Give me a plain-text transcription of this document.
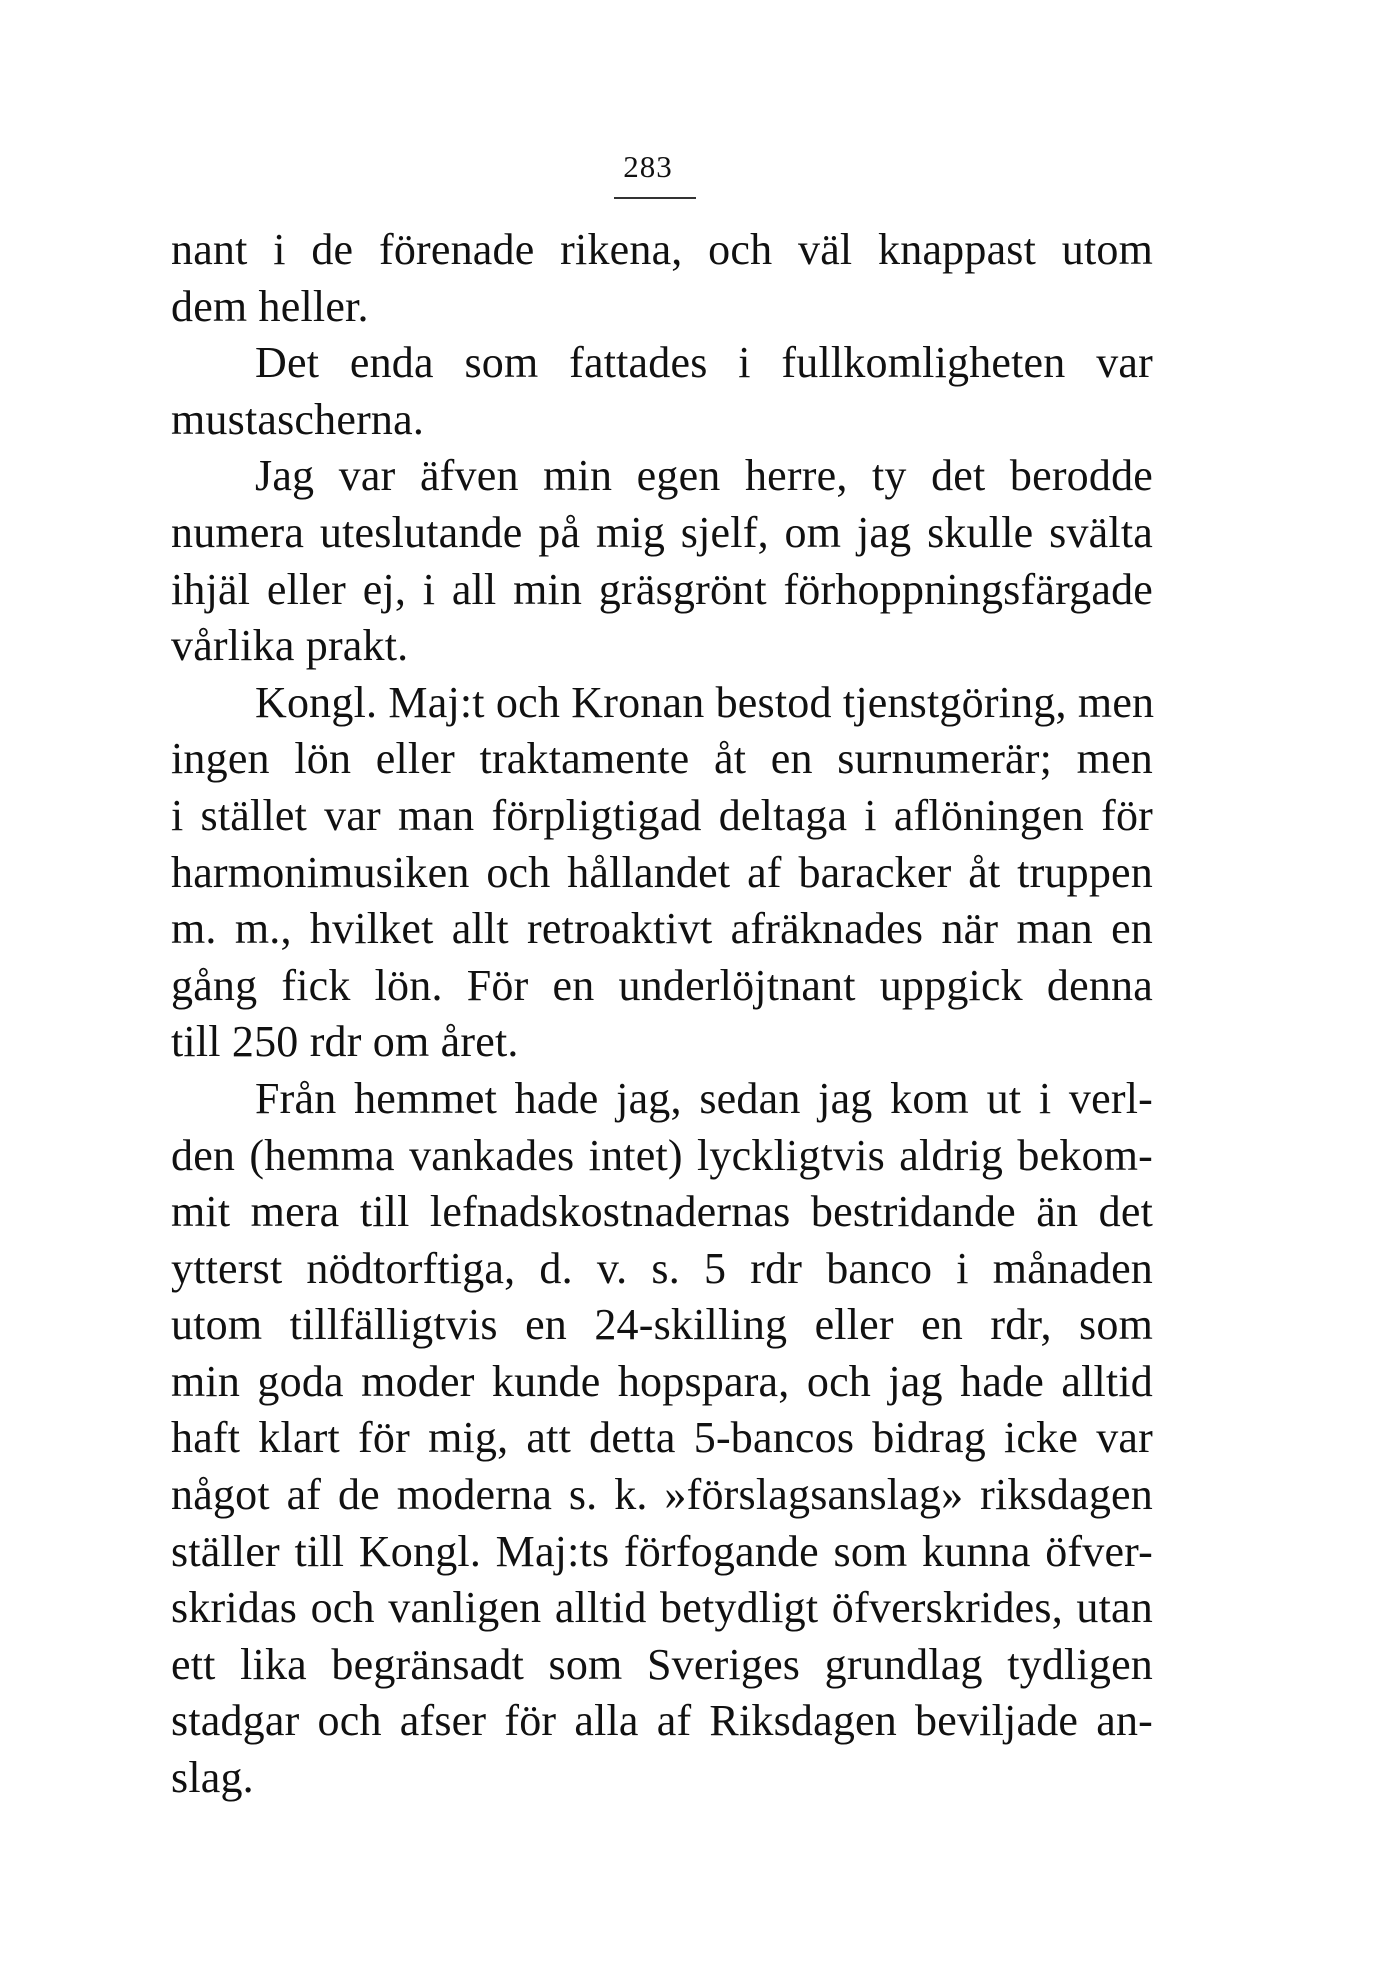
283
nant i de förenade rikena, och väl knappast utom
dem heller.
Det enda som fattades i fullkomligheten var
mustascherna.
Jag var äfven min egen herre, ty det berodde
numera uteslutande på mig sjelf, om jag skulle svälta
ihjäl eller ej, i all min gräsgrönt förhoppningsfärgade
vårlika prakt.
Kongl. Maj:t och Kronan bestod tjenstgöring, men
ingen lön eller traktamente åt en surnumerär; men
i stället var man förpligtigad deltaga i aflöningen för
harmonimusiken och hållandet af baracker åt truppen
m. m., hvilket allt retroaktivt afräknades när man en
gång fick lön. För en underlöjtnant uppgick denna
till 250 rdr om året.
Från hemmet hade jag, sedan jag kom ut i verl-
den (hemma vankades intet) lyckligtvis aldrig bekom-
mit mera till lefnadskostnadernas bestridande än det
ytterst nödtorftiga, d. v. s. 5 rdr banco i månaden
utom tillfälligtvis en 24-skilling eller en rdr, som
min goda moder kunde hopspara, och jag hade alltid
haft klart för mig, att detta 5-bancos bidrag icke var
något af de moderna s. k. »förslagsanslag» riksdagen
ställer till Kongl. Maj:ts förfogande som kunna öfver-
skridas och vanligen alltid betydligt öfverskrides, utan
ett lika begränsadt som Sveriges grundlag tydligen
stadgar och afser för alla af Riksdagen beviljade an-
slag.
